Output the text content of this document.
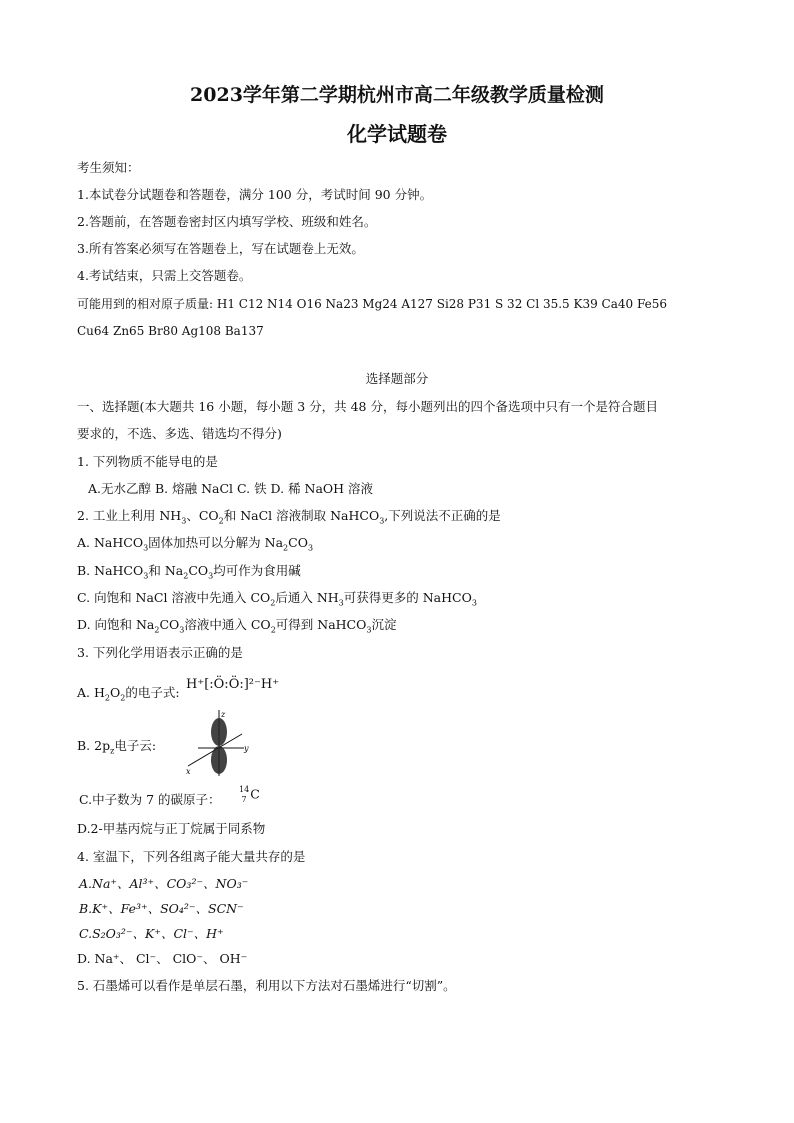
2023学年第二学期杭州市高二年级教学质量检测
化学试题卷
考生须知：
1.本试卷分试题卷和答题卷，满分 100 分，考试时间 90 分钟。
2.答题前，在答题卷密封区内填写学校、班级和姓名。
3.所有答案必须写在答题卷上，写在试题卷上无效。
4.考试结束，只需上交答题卷。
可能用到的相对原子质量: H1 C12 N14 O16 Na23 Mg24 A127 Si28 P31 S 32 Cl 35.5 K39 Ca40 Fe56
Cu64 Zn65 Br80 Ag108 Ba137
选择题部分
一、选择题(本大题共 16 小题，每小题 3 分，共 48 分，每小题列出的四个备选项中只有一个是符合题目
要求的，不选、多选、错选均不得分)
1. 下列物质不能导电的是
A.无水乙醇 B. 熔融 NaCl C. 铁 D. 稀 NaOH 溶液
2. 工业上利用 $NH_3$、$CO_2$和 NaCl 溶液制取 NaHCO$_3$,下列说法不正确的是
A. NaHCO$_3$固体加热可以分解为 $Na_2CO_3$
B. NaHCO$_3$和 $Na_2CO_3$均可作为食用碱
C. 向饱和 NaCl 溶液中先通入 $CO_2$后通入 $NH_3$可获得更多的 NaHCO$_3$
D. 向饱和 $Na_2CO_3$溶液中通入 $CO_2$可得到 NaHCO$_3$沉淀
3. 下列化学用语表示正确的是
A. $H_2O_2$的电子式:
H⁺[:Ö:Ö:]²⁻H⁺
B. $2p_z$电子云:
z
y
x
C.中子数为 7 的碳原子：
14
7 C
D.2-甲基丙烷与正丁烷属于同系物
4. 室温下，下列各组离子能大量共存的是
A.Na⁺、Al³⁺、CO₃²⁻、NO₃⁻
B.K⁺、Fe³⁺、SO₄²⁻、SCN⁻
C.S₂O₃²⁻、K⁺、Cl⁻、H⁺
D. Na⁺、 Cl⁻、 ClO⁻、 OH⁻
5. 石墨烯可以看作是单层石墨，利用以下方法对石墨烯进行“切割”。
